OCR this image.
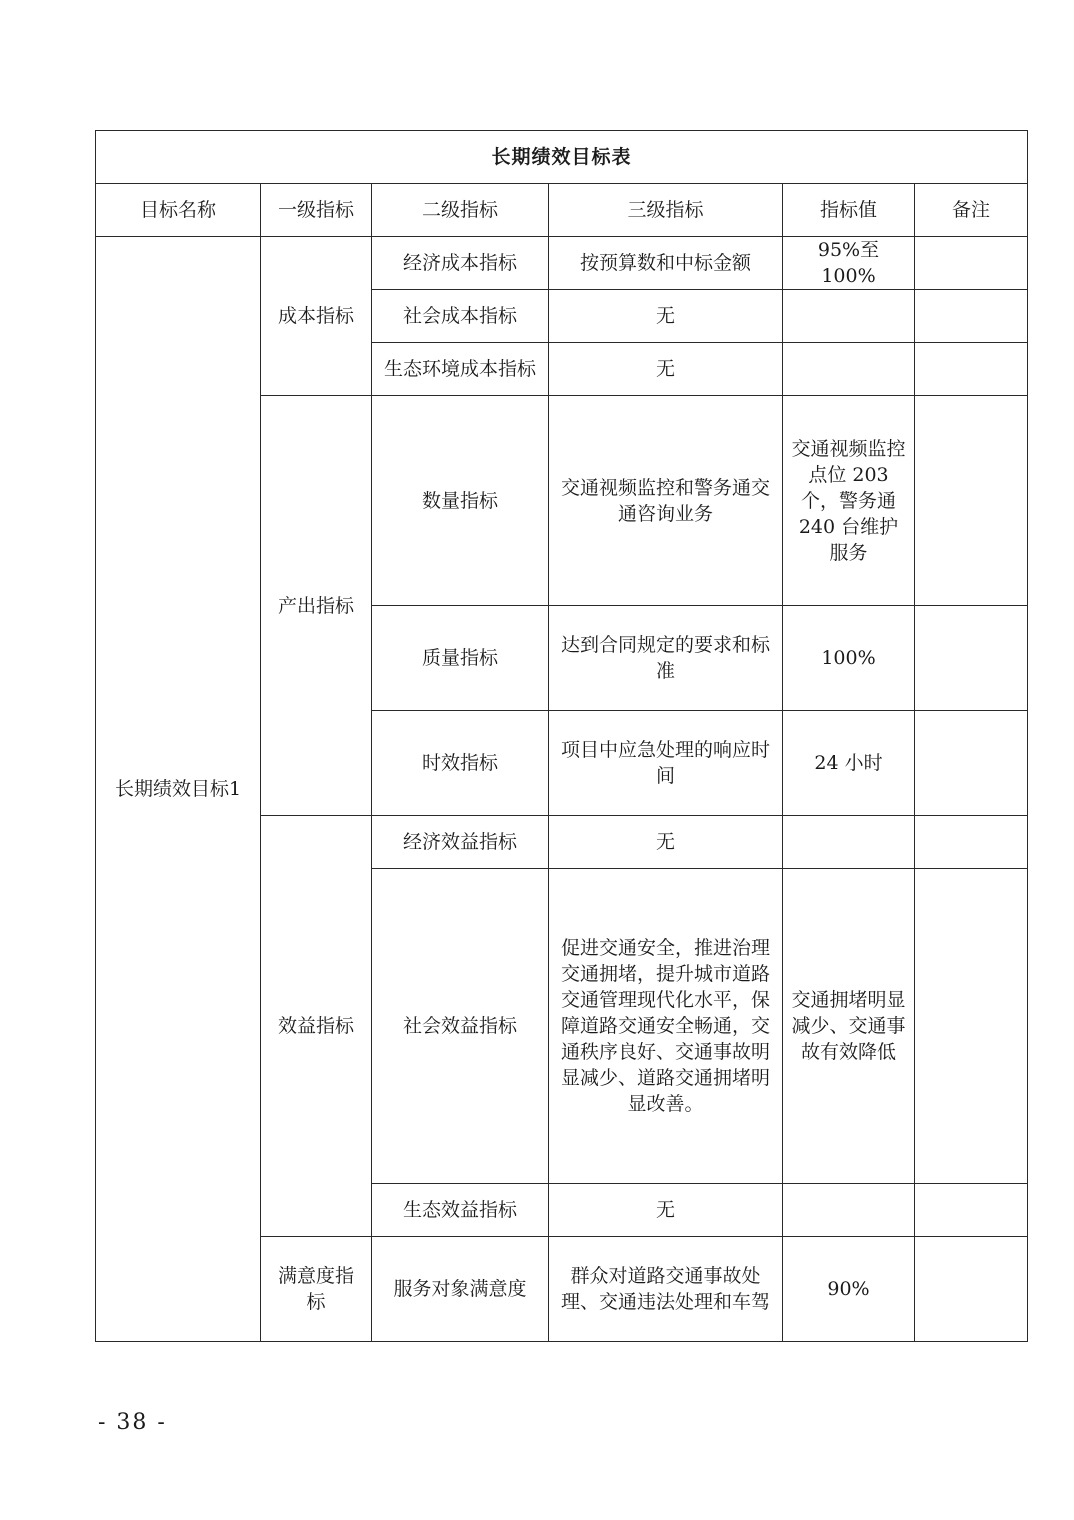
长期绩效目标表					
目标名称	一级指标	二级指标	三级指标	指标值	备注
长期绩效目标1	成本指标	经济成本指标	按预算数和中标金额	95%至 100%	
		社会成本指标	无		
		生态环境成本指标	无		
	产出指标	数量指标	交通视频监控和警务通交通咨询业务	交通视频监控点位 203 个，警务通 240 台维护服务	
		质量指标	达到合同规定的要求和标准	100%	
		时效指标	项目中应急处理的响应时间	24 小时	
	效益指标	经济效益指标	无		
		社会效益指标	促进交通安全，推进治理交通拥堵，提升城市道路交通管理现代化水平，保障道路交通安全畅通，交通秩序良好、交通事故明显减少、道路交通拥堵明显改善。	交通拥堵明显减少、交通事故有效降低	
		生态效益指标	无		
	满意度指标	服务对象满意度	群众对道路交通事故处理、交通违法处理和车驾	90%	
- 38 -
